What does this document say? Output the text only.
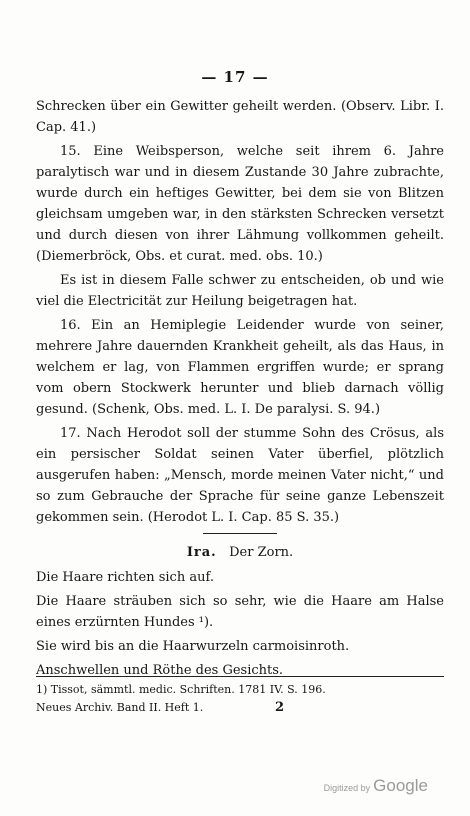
— 17 —

Schrecken über ein Gewitter geheilt werden. (Observ. Libr. I. Cap. 41.)

15. Eine Weibsperson, welche seit ihrem 6. Jahre paralytisch war und in diesem Zustande 30 Jahre zubrachte, wurde durch ein heftiges Gewitter, bei dem sie von Blitzen gleichsam umgeben war, in den stärksten Schrecken versetzt und durch diesen von ihrer Lähmung vollkommen geheilt. (Diemerbröck, Obs. et curat. med. obs. 10.)

Es ist in diesem Falle schwer zu entscheiden, ob und wie viel die Electricität zur Heilung beigetragen hat.

16. Ein an Hemiplegie Leidender wurde von seiner, mehrere Jahre dauernden Krankheit geheilt, als das Haus, in welchem er lag, von Flammen ergriffen wurde; er sprang vom obern Stockwerk herunter und blieb darnach völlig gesund. (Schenk, Obs. med. L. I. De paralysi. S. 94.)

17. Nach Herodot soll der stumme Sohn des Crösus, als ein persischer Soldat seinen Vater überfiel, plötzlich ausgerufen haben: „Mensch, morde meinen Vater nicht,“ und so zum Gebrauche der Sprache für seine ganze Lebenszeit gekommen sein. (Herodot L. I. Cap. 85 S. 35.)

Ira. Der Zorn.

Die Haare richten sich auf.

Die Haare sträuben sich so sehr, wie die Haare am Halse eines erzürnten Hundes ¹).

Sie wird bis an die Haarwurzeln carmoisinroth.

Anschwellen und Röthe des Gesichts.

1) Tissot, sämmtl. medic. Schriften. 1781 IV. S. 196.
Neues Archiv. Band II. Heft 1.	2
Digitized by Google
